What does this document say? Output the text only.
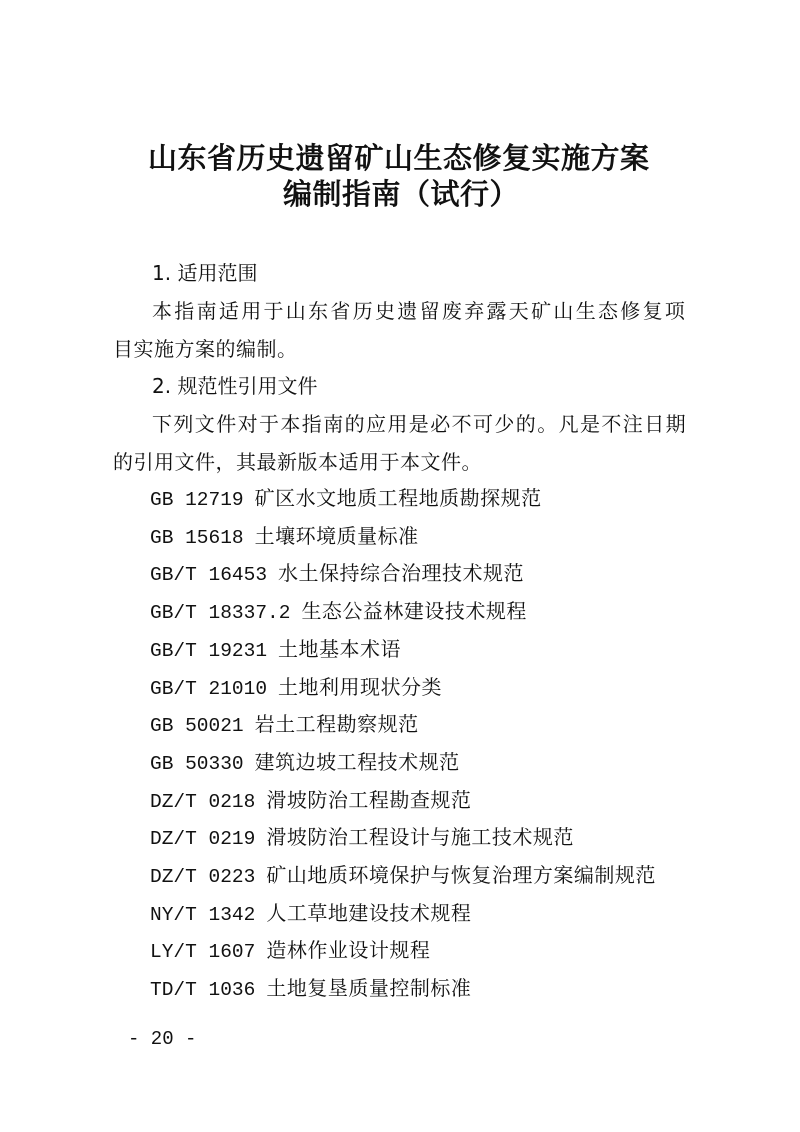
山东省历史遗留矿山生态修复实施方案
编制指南（试行）
1. 适用范围
本指南适用于山东省历史遗留废弃露天矿山生态修复项
目实施方案的编制。
2. 规范性引用文件
下列文件对于本指南的应用是必不可少的。凡是不注日期
的引用文件，其最新版本适用于本文件。
GB 12719 矿区水文地质工程地质勘探规范
GB 15618 土壤环境质量标准
GB/T 16453 水土保持综合治理技术规范
GB/T 18337.2 生态公益林建设技术规程
GB/T 19231 土地基本术语
GB/T 21010 土地利用现状分类
GB 50021 岩土工程勘察规范
GB 50330 建筑边坡工程技术规范
DZ/T 0218 滑坡防治工程勘查规范
DZ/T 0219 滑坡防治工程设计与施工技术规范
DZ/T 0223 矿山地质环境保护与恢复治理方案编制规范
NY/T 1342 人工草地建设技术规程
LY/T 1607 造林作业设计规程
TD/T 1036 土地复垦质量控制标准
- 20 -
